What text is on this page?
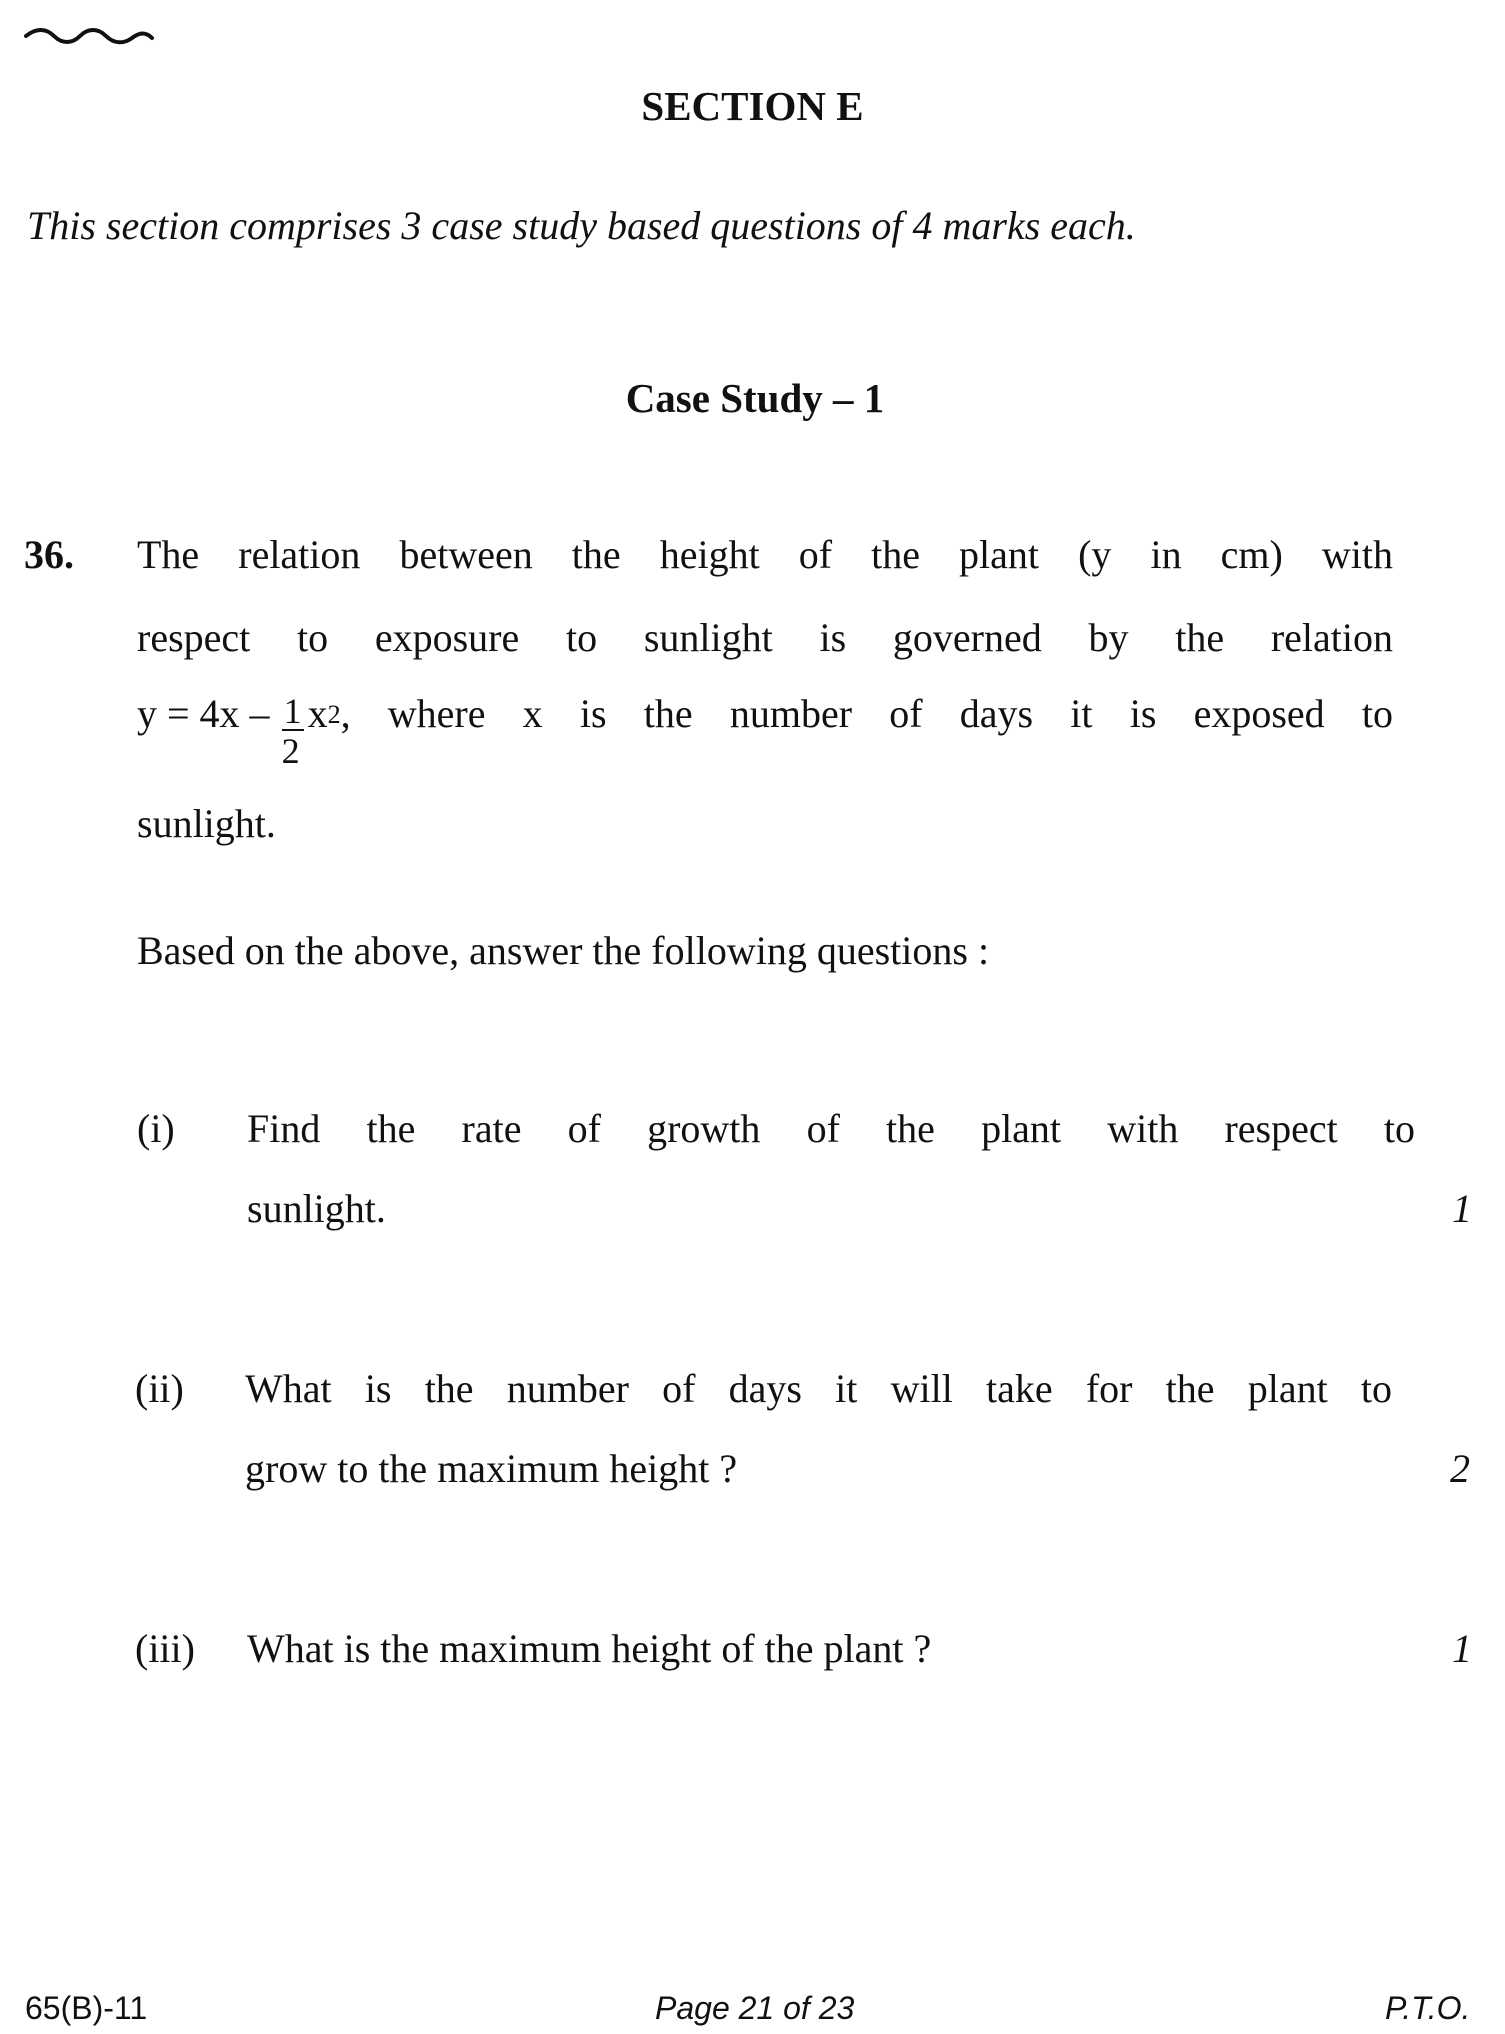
SECTION E
This section comprises 3 case study based questions of 4 marks each.
Case Study – 1
36. The relation between the height of the plant (y in cm) with
respect to exposure to sunlight is governed by the relation
$y = 4x - \frac{1}{2} x^2$ , where x is the number of days it is exposed to
sunlight.
Based on the above, answer the following questions :
(i) Find the rate of growth of the plant with respect to
sunlight.	1
(ii) What is the number of days it will take for the plant to
grow to the maximum height ?	2
(iii) What is the maximum height of the plant ?	1
65(B)-11	Page 21 of 23	P.T.O.
